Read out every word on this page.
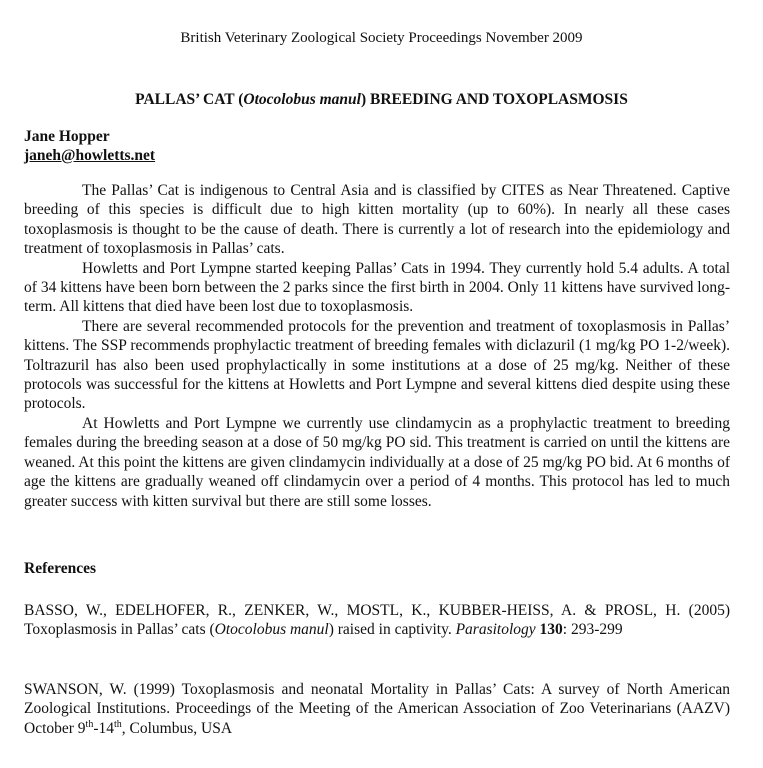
British Veterinary Zoological Society Proceedings November 2009
PALLAS’ CAT (Otocolobus manul) BREEDING AND TOXOPLASMOSIS
Jane Hopper
janeh@howletts.net

The Pallas’ Cat is indigenous to Central Asia and is classified by CITES as Near Threatened. Captive breeding of this species is difficult due to high kitten mortality (up to 60%). In nearly all these cases toxoplasmosis is thought to be the cause of death. There is currently a lot of research into the epidemiology and treatment of toxoplasmosis in Pallas’ cats.

Howletts and Port Lympne started keeping Pallas’ Cats in 1994. They currently hold 5.4 adults. A total of 34 kittens have been born between the 2 parks since the first birth in 2004. Only 11 kittens have survived long-term. All kittens that died have been lost due to toxoplasmosis.

There are several recommended protocols for the prevention and treatment of toxoplasmosis in Pallas’ kittens. The SSP recommends prophylactic treatment of breeding females with diclazuril (1 mg/kg PO 1-2/week). Toltrazuril has also been used prophylactically in some institutions at a dose of 25 mg/kg. Neither of these protocols was successful for the kittens at Howletts and Port Lympne and several kittens died despite using these protocols.

At Howletts and Port Lympne we currently use clindamycin as a prophylactic treatment to breeding females during the breeding season at a dose of 50 mg/kg PO sid. This treatment is carried on until the kittens are weaned. At this point the kittens are given clindamycin individually at a dose of 25 mg/kg PO bid. At 6 months of age the kittens are gradually weaned off clindamycin over a period of 4 months. This protocol has led to much greater success with kitten survival but there are still some losses.

References
BASSO, W., EDELHOFER, R., ZENKER, W., MOSTL, K., KUBBER-HEISS, A. & PROSL, H. (2005) Toxoplasmosis in Pallas’ cats (Otocolobus manul) raised in captivity. Parasitology 130: 293-299
SWANSON, W. (1999) Toxoplasmosis and neonatal Mortality in Pallas’ Cats: A survey of North American Zoological Institutions. Proceedings of the Meeting of the American Association of Zoo Veterinarians (AAZV) October 9th-14th, Columbus, USA
